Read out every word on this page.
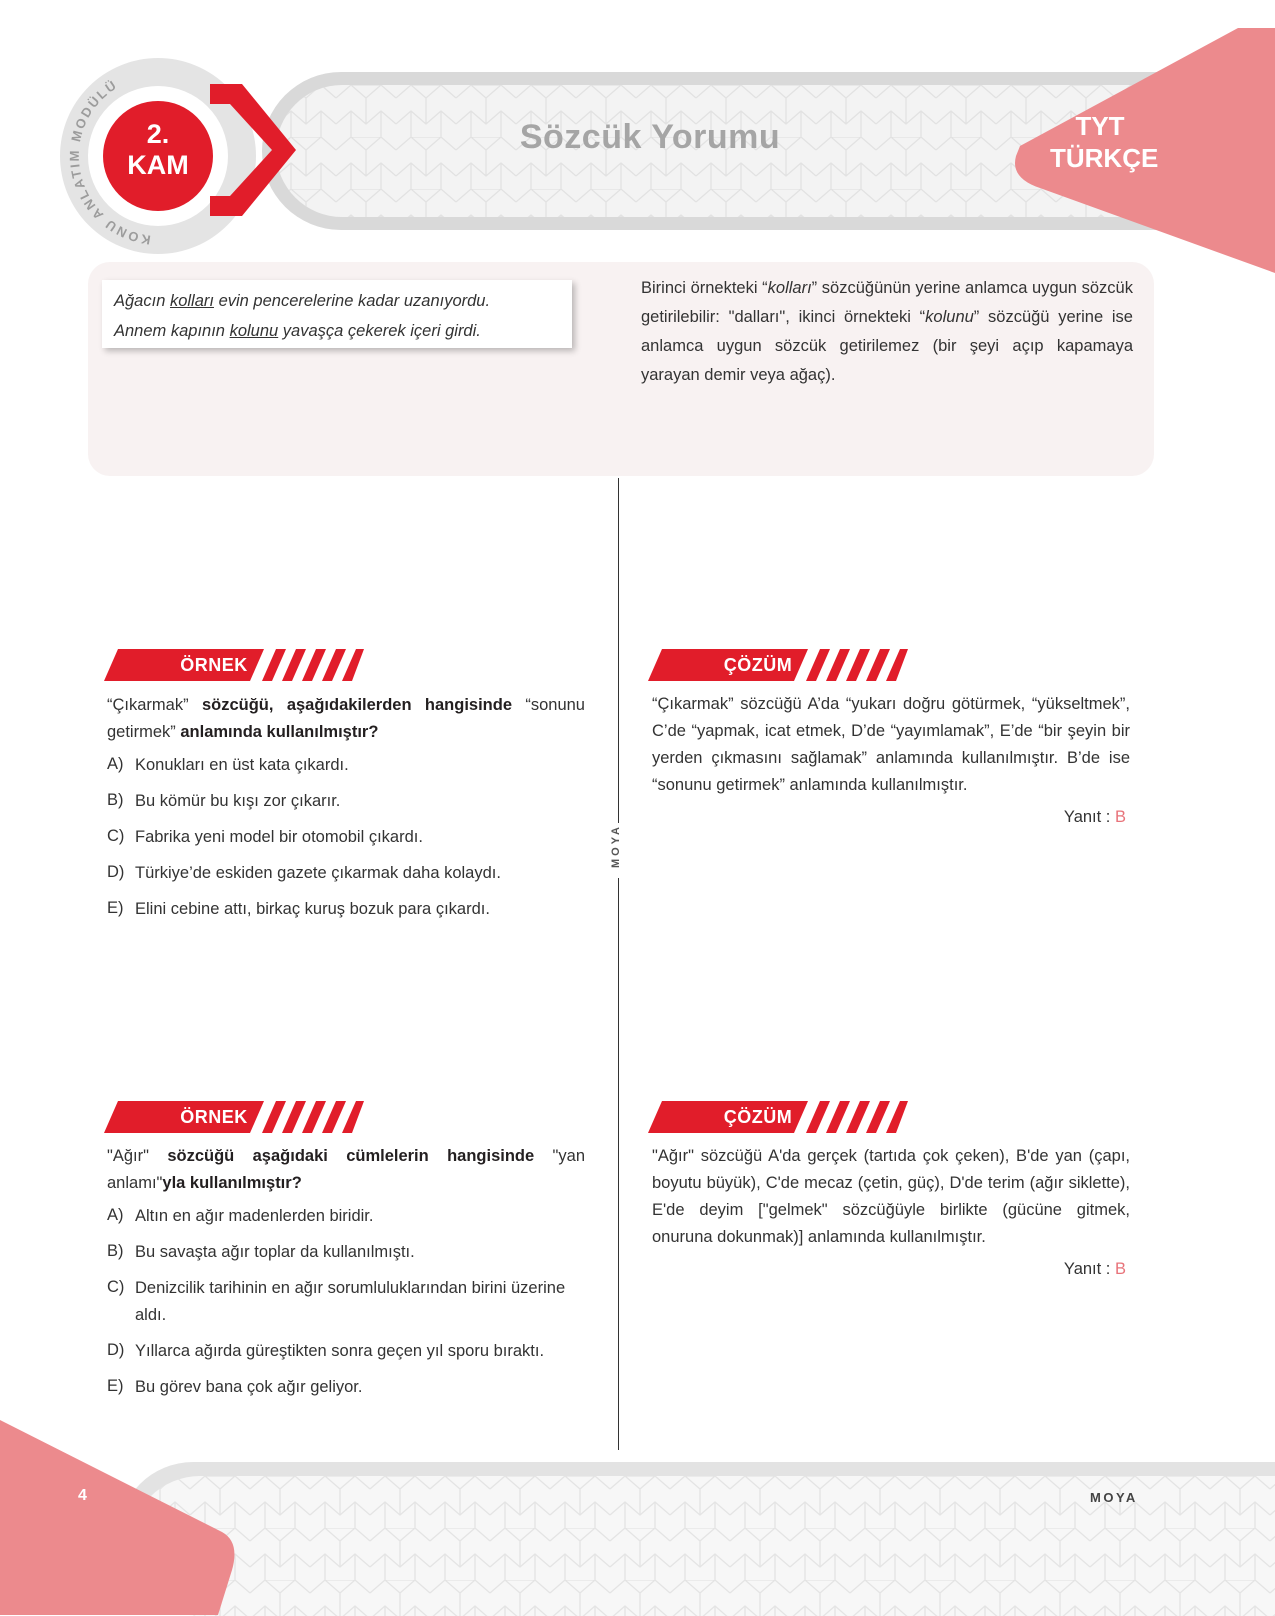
Sözcük Yorumu
KONU ANLATIM MODÜLÜ
2.
KAM
TYT
TÜRKÇE
Ağacın kolları evin pencerelerine kadar uzanıyordu.
Annem kapının kolunu yavaşça çekerek içeri girdi.
Birinci örnekteki “kolları” sözcüğünün yerine anlamca uygun sözcük getirilebilir: "dalları", ikinci örnekteki “kolunu” sözcüğü yerine ise anlamca uygun sözcük getirilemez (bir şeyi açıp kapamaya yarayan demir veya ağaç).
MOYA
ÖRNEK
“Çıkarmak” sözcüğü, aşağıdakilerden hangisinde “sonunu getirmek” anlamında kullanılmıştır?
A) Konukları en üst kata çıkardı.
B) Bu kömür bu kışı zor çıkarır.
C) Fabrika yeni model bir otomobil çıkardı.
D) Türkiye’de eskiden gazete çıkarmak daha kolaydı.
E) Elini cebine attı, birkaç kuruş bozuk para çıkardı.
ÇÖZÜM
“Çıkarmak” sözcüğü A’da “yukarı doğru götürmek, “yükseltmek”, C’de “yapmak, icat etmek, D’de “yayımlamak”, E’de “bir şeyin bir yerden çıkmasını sağlamak” anlamında kullanılmıştır. B’de ise “sonunu getirmek” anlamında kullanılmıştır.
Yanıt : B
ÖRNEK
"Ağır" sözcüğü aşağıdaki cümlelerin hangisinde "yan anlamı"yla kullanılmıştır?
A) Altın en ağır madenlerden biridir.
B) Bu savaşta ağır toplar da kullanılmıştı.
C) Denizcilik tarihinin en ağır sorumluluklarından birini üzerine aldı.
D) Yıllarca ağırda güreştikten sonra geçen yıl sporu bıraktı.
E) Bu görev bana çok ağır geliyor.
ÇÖZÜM
"Ağır" sözcüğü A'da gerçek (tartıda çok çeken), B'de yan (çapı, boyutu büyük), C'de mecaz (çetin, güç), D'de terim (ağır siklette), E'de deyim ["gelmek" sözcüğüyle birlikte (gücüne gitmek, onuruna dokunmak)] anlamında kullanılmıştır.
Yanıt : B
4	MOYA
